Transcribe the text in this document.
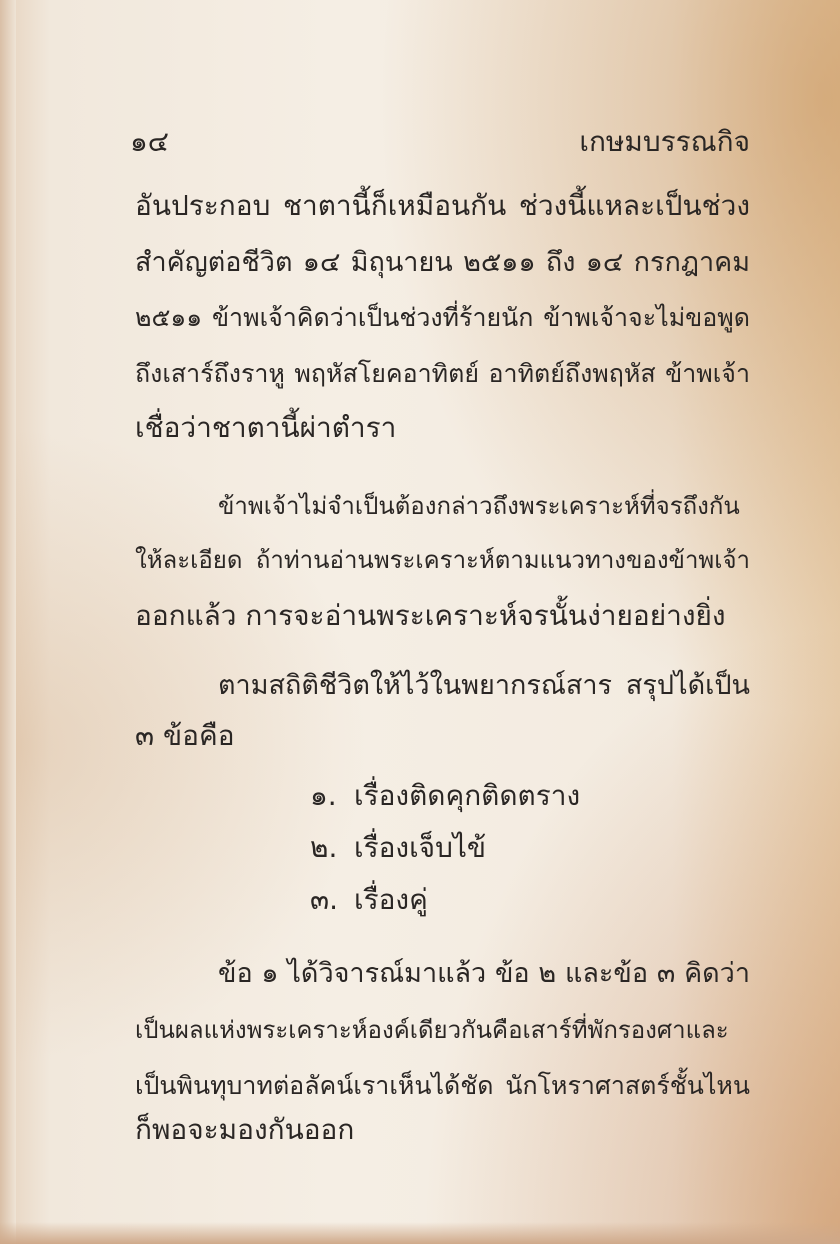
๑๔	เกษมบรรณกิจ
อันประกอบ ชาตานี้ก็เหมือนกัน ช่วงนี้แหละเป็นช่วง
สำคัญต่อชีวิต ๑๔ มิถุนายน ๒๕๑๑ ถึง ๑๔ กรกฎาคม
๒๕๑๑ ข้าพเจ้าคิดว่าเป็นช่วงที่ร้ายนัก ข้าพเจ้าจะไม่ขอพูด
ถึงเสาร์ถึงราหู พฤหัสโยคอาทิตย์ อาทิตย์ถึงพฤหัส ข้าพเจ้า
เชื่อว่าชาตานี้ผ่าตำรา
ข้าพเจ้าไม่จำเป็นต้องกล่าวถึงพระเคราะห์ที่จรถึงกัน
ให้ละเอียด ถ้าท่านอ่านพระเคราะห์ตามแนวทางของข้าพเจ้า
ออกแล้ว การจะอ่านพระเคราะห์จรนั้นง่ายอย่างยิ่ง
ตามสถิติชีวิตให้ไว้ในพยากรณ์สาร สรุปได้เป็น
๓ ข้อคือ
๑. เรื่องติดคุกติดตราง
๒. เรื่องเจ็บไข้
๓. เรื่องคู่
ข้อ ๑ ได้วิจารณ์มาแล้ว ข้อ ๒ และข้อ ๓ คิดว่า
เป็นผลแห่งพระเคราะห์องค์เดียวกันคือเสาร์ที่พักรองศาและ
เป็นพินทุบาทต่อลัคน์เราเห็นได้ชัด นักโหราศาสตร์ชั้นไหน
ก็พอจะมองกันออก
